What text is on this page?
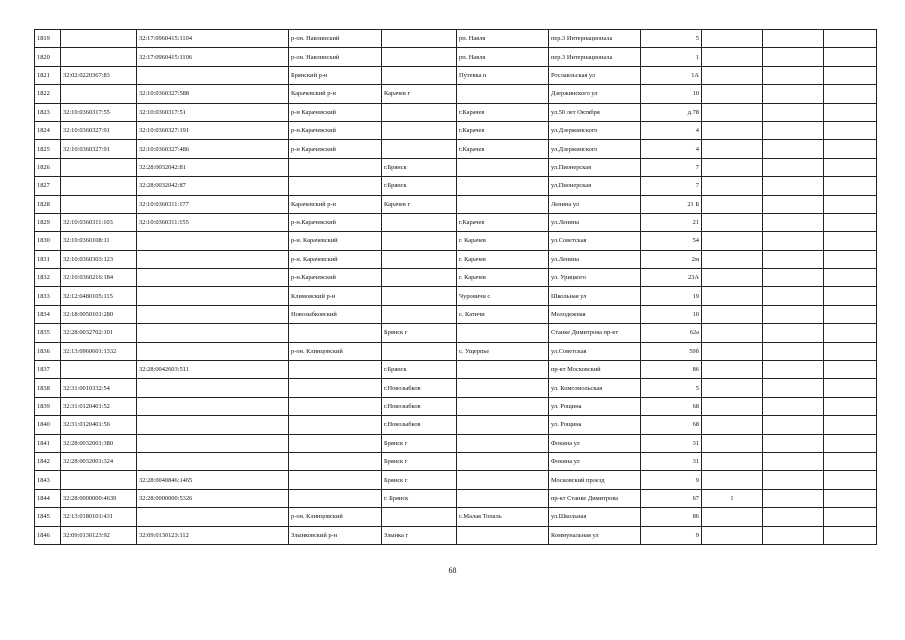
1819		32:17:0960415:1104	р-он. Навлинский		рп. Навля	пер.3 Интернационала	5			
1820		32:17:0960415:1106	р-он. Навлинский		рп. Навля	пер.3 Интернационала	1			
1821	32:02:0220367:83		Брянский р-н		Путевка п	Рославльская ул	1А			
1822		32:10:0360327:588	Карачевский р-н	Карачев г		Дзержинского ул	10			
1823	32:10:0360317:55	32:10:0360317:51	р-н Карачевский		г.Карачев	ул.50 лет Октября	д.78			
1824	32:10:0360327:91	32:10:0360327:191	р-н.Карачевский		г.Карачев	ул.Дзержинского	4			
1825	32:10:0360327:91	32:10:0360327:486	р-н Карачевский		г.Карачев	ул.Дзержинского	4			
1826		32:28:0032042:81		г.Брянск		ул.Пионерская	7			
1827		32:28:0032042:87		г.Брянск		ул.Пионерская	7			
1828		32:10:0360311:177	Карачевский р-н	Карачев г		Ленина ул	21 Б			
1829	32:10:0360311:103	32:10:0360311:155	р-н.Карачевский		г.Карачев	ул.Ленина	21			
1830	32:10:0360108:11		р-н. Карачевский		г. Карачев	ул.Советская	54			
1831	32:10:0360303:123		р-н. Карачевский		г. Карачев	ул.Ленина	2м			
1832	32:10:0360216:184		р-н.Карачевский		г. Карачев	ул. Урицкого	23А			
1833	32:12:0480105:115		Климовский р-н		Чуровичи с	Школьная ул	19			
1834	32:18:0050101:280		Новозыбковский		с. Катичи	Молодежная	10			
1835	32:28:0032702:101			Брянск г		Станке Димитрова пр-кт	62а			
1836	32:13:0960601:1332		р-он. Клинцовский		с. Ущерпье	ул.Советская	59б			
1837		32:28:0042603:511		г.Брянск		пр-кт Московский	86			
1838	32:31:0010332:54			г.Новозыбков		ул. Комсомольская	5			
1839	32:31:0120401:52			г.Новозыбков		ул. Рощина	68			
1840	32:31:0120401:56			г.Новозыбков		ул. Рощина	68			
1841	32:28:0032001:380			Брянск г		Фокина ул	31			
1842	32:28:0032001:324			Брянск г		Фокина ул	31			
1843		32:28:0040846:1465		Брянск г		Московский проезд	9			
1844	32:28:0000000:4639	32:28:0000000:5326		г. Брянск		пр-кт Станке Димитрова	67	1		
1845	32:13:0180101:431		р-он. Клинцовский		с.Малая Топаль	ул.Школьная	86			
1846	32:09:0130123:92	32:09:0130123:112	Злынковский р-н	Злынка г		Коммунальная ул	9			
68
